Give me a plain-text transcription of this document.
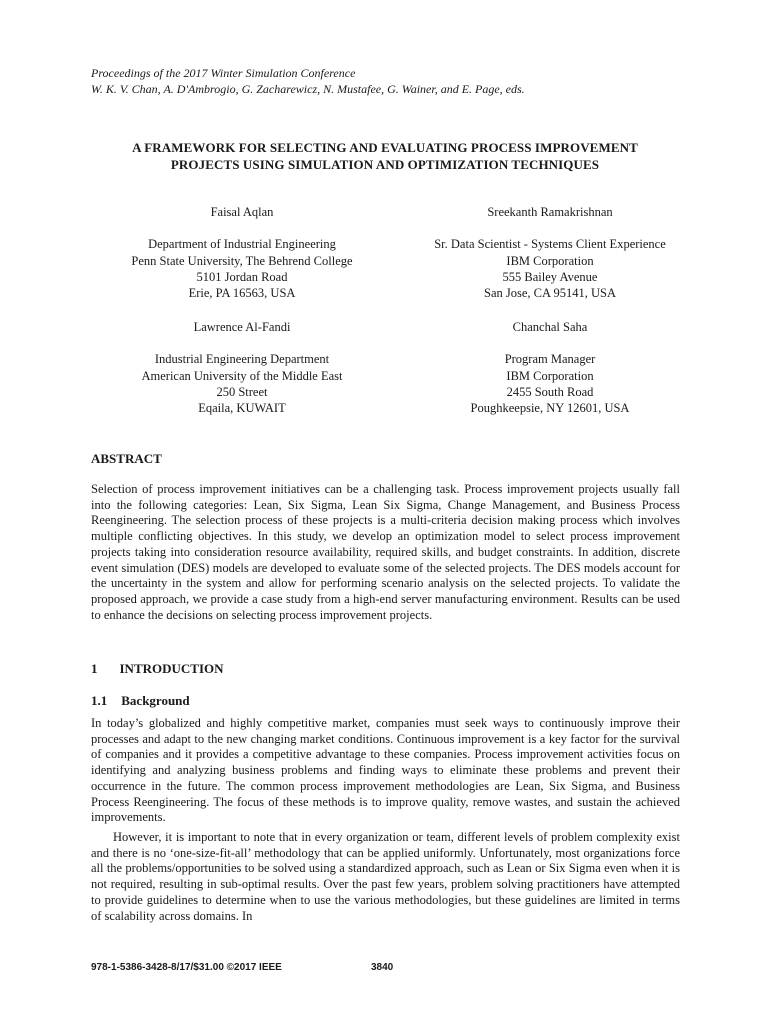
Proceedings of the 2017 Winter Simulation Conference
W. K. V. Chan, A. D'Ambrogio, G. Zacharewicz, N. Mustafee, G. Wainer, and E. Page, eds.
A FRAMEWORK FOR SELECTING AND EVALUATING PROCESS IMPROVEMENT
PROJECTS USING SIMULATION AND OPTIMIZATION TECHNIQUES
Faisal Aqlan
Department of Industrial Engineering
Penn State University, The Behrend College
5101 Jordan Road
Erie, PA 16563, USA
Sreekanth Ramakrishnan
Sr. Data Scientist - Systems Client Experience
IBM Corporation
555 Bailey Avenue
San Jose, CA 95141, USA
Lawrence Al-Fandi
Industrial Engineering Department
American University of the Middle East
250 Street
Eqaila, KUWAIT
Chanchal Saha
Program Manager
IBM Corporation
2455 South Road
Poughkeepsie, NY 12601, USA
ABSTRACT
Selection of process improvement initiatives can be a challenging task. Process improvement projects usually fall into the following categories: Lean, Six Sigma, Lean Six Sigma, Change Management, and Business Process Reengineering. The selection process of these projects is a multi-criteria decision making process which involves multiple conflicting objectives. In this study, we develop an optimization model to select process improvement projects taking into consideration resource availability, required skills, and budget constraints. In addition, discrete event simulation (DES) models are developed to evaluate some of the selected projects. The DES models account for the uncertainty in the system and allow for performing scenario analysis on the selected projects. To validate the proposed approach, we provide a case study from a high-end server manufacturing environment. Results can be used to enhance the decisions on selecting process improvement projects.
1 INTRODUCTION
1.1 Background
In today’s globalized and highly competitive market, companies must seek ways to continuously improve their processes and adapt to the new changing market conditions. Continuous improvement is a key factor for the survival of companies and it provides a competitive advantage to these companies. Process improvement activities focus on identifying and analyzing business problems and finding ways to eliminate these problems and prevent their occurrence in the future. The common process improvement methodologies are Lean, Six Sigma, and Business Process Reengineering. The focus of these methods is to improve quality, remove wastes, and sustain the achieved improvements.
However, it is important to note that in every organization or team, different levels of problem complexity exist and there is no ‘one-size-fit-all’ methodology that can be applied uniformly. Unfortunately, most organizations force all the problems/opportunities to be solved using a standardized approach, such as Lean or Six Sigma even when it is not required, resulting in sub-optimal results. Over the past few years, problem solving practitioners have attempted to provide guidelines to determine when to use the various methodologies, but these guidelines are limited in terms of scalability across domains. In
978-1-5386-3428-8/17/$31.00 ©2017 IEEE	3840
